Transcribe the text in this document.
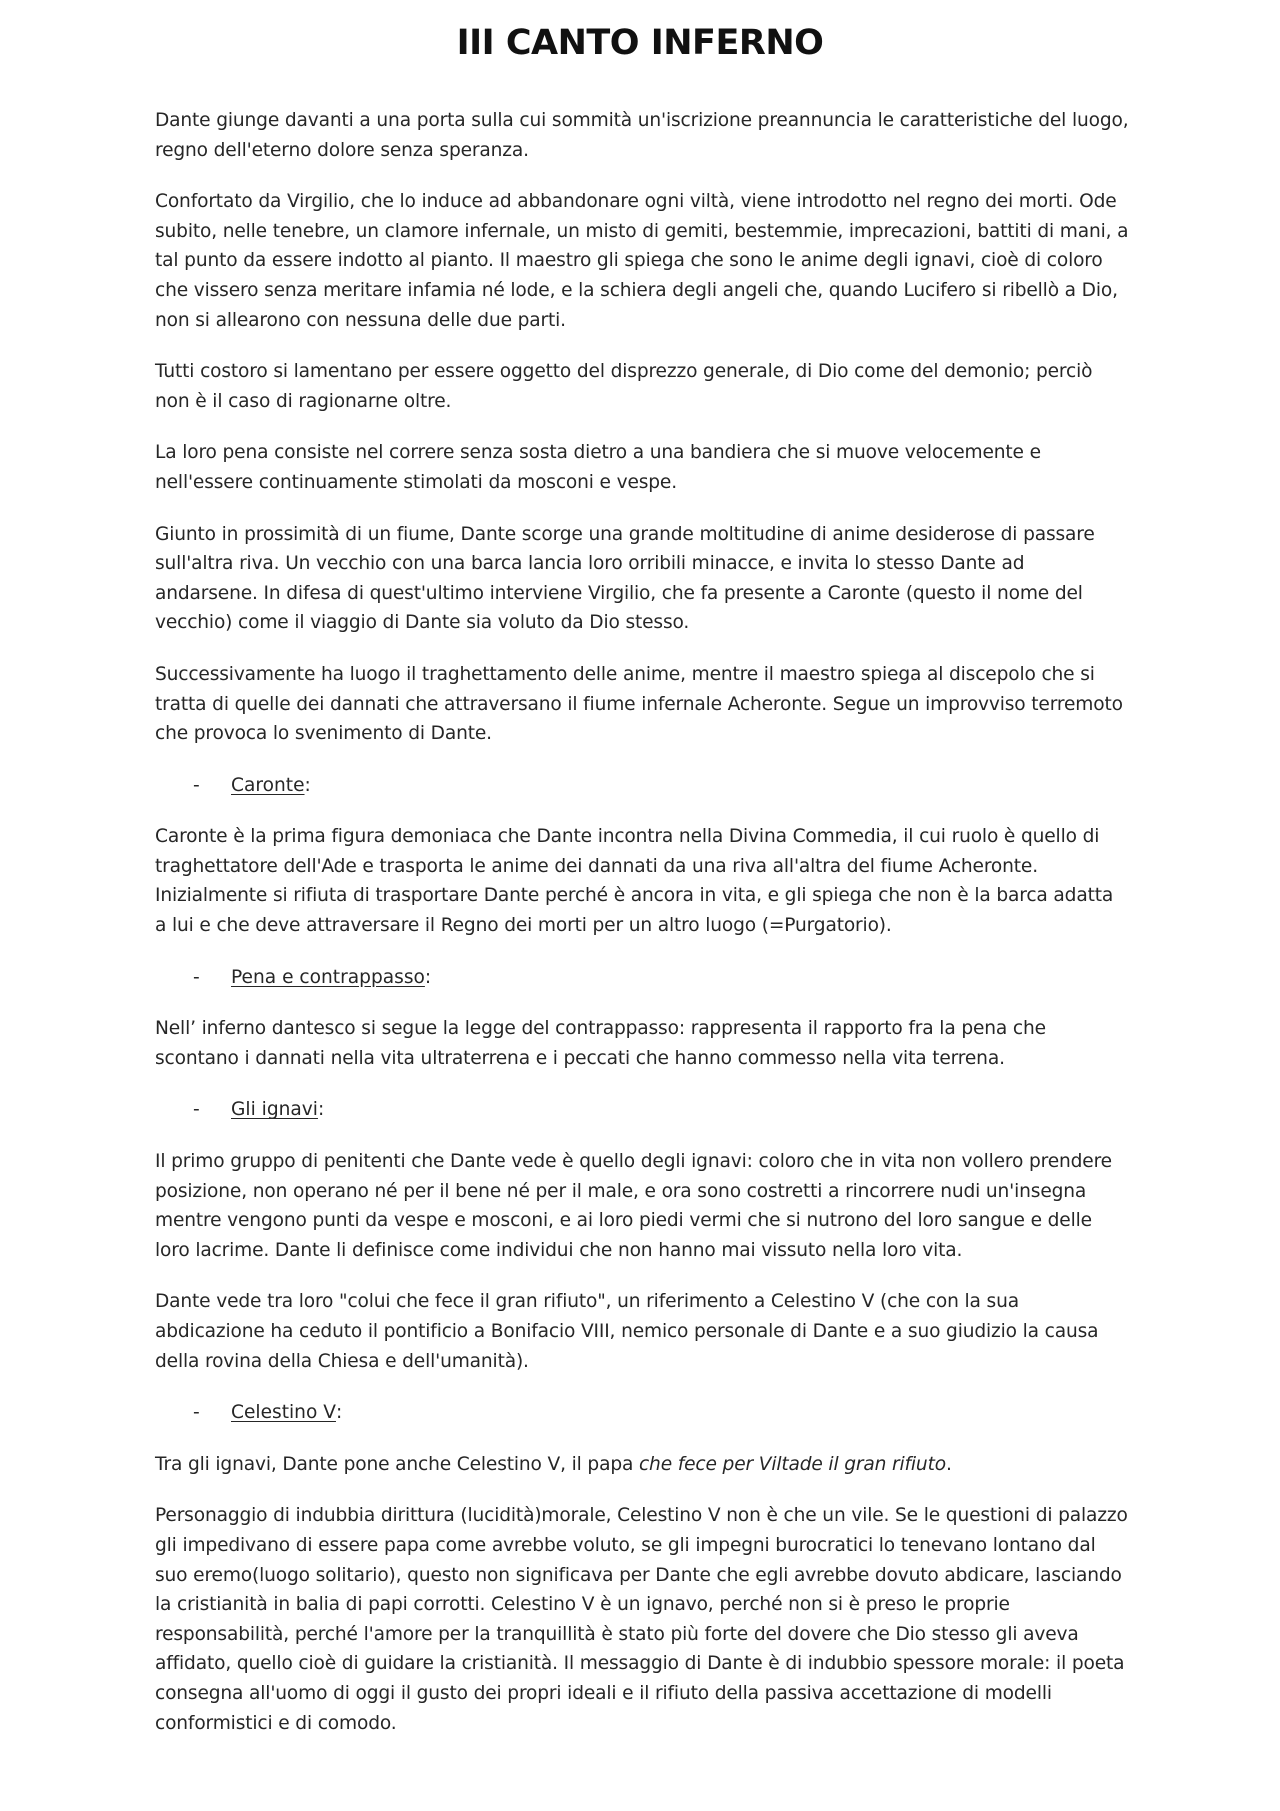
III CANTO INFERNO

Dante giunge davanti a una porta sulla cui sommità un'iscrizione preannuncia le caratteristiche del luogo, regno dell'eterno dolore senza speranza.

Confortato da Virgilio, che lo induce ad abbandonare ogni viltà, viene introdotto nel regno dei morti. Ode subito, nelle tenebre, un clamore infernale, un misto di gemiti, bestemmie, imprecazioni, battiti di mani, a tal punto da essere indotto al pianto. Il maestro gli spiega che sono le anime degli ignavi, cioè di coloro che vissero senza meritare infamia né lode, e la schiera degli angeli che, quando Lucifero si ribellò a Dio, non si allearono con nessuna delle due parti.

Tutti costoro si lamentano per essere oggetto del disprezzo generale, di Dio come del demonio; perciò non è il caso di ragionarne oltre.

La loro pena consiste nel correre senza sosta dietro a una bandiera che si muove velocemente e nell'essere continuamente stimolati da mosconi e vespe.

Giunto in prossimità di un fiume, Dante scorge una grande moltitudine di anime desiderose di passare sull'altra riva. Un vecchio con una barca lancia loro orribili minacce, e invita lo stesso Dante ad andarsene. In difesa di quest'ultimo interviene Virgilio, che fa presente a Caronte (questo il nome del vecchio) come il viaggio di Dante sia voluto da Dio stesso.

Successivamente ha luogo il traghettamento delle anime, mentre il maestro spiega al discepolo che si tratta di quelle dei dannati che attraversano il fiume infernale Acheronte. Segue un improvviso terremoto che provoca lo svenimento di Dante.

-	Caronte :

Caronte è la prima figura demoniaca che Dante incontra nella Divina Commedia, il cui ruolo è quello di traghettatore dell'Ade e trasporta le anime dei dannati da una riva all'altra del fiume Acheronte. Inizialmente si rifiuta di trasportare Dante perché è ancora in vita, e gli spiega che non è la barca adatta a lui e che deve attraversare il Regno dei morti per un altro luogo (=Purgatorio).

-	Pena e contrappasso :

Nell’ inferno dantesco si segue la legge del contrappasso: rappresenta il rapporto fra la pena che scontano i dannati nella vita ultraterrena e i peccati che hanno commesso nella vita terrena.

-	Gli ignavi :

Il primo gruppo di penitenti che Dante vede è quello degli ignavi: coloro che in vita non vollero prendere posizione, non operano né per il bene né per il male, e ora sono costretti a rincorrere nudi un'insegna mentre vengono punti da vespe e mosconi, e ai loro piedi vermi che si nutrono del loro sangue e delle loro lacrime. Dante li definisce come individui che non hanno mai vissuto nella loro vita.

Dante vede tra loro "colui che fece il gran rifiuto", un riferimento a Celestino V (che con la sua abdicazione ha ceduto il pontificio a Bonifacio VIII, nemico personale di Dante e a suo giudizio la causa della rovina della Chiesa e dell'umanità).

-	Celestino V :

Tra gli ignavi, Dante pone anche Celestino V, il papa che fece per Viltade il gran rifiuto.

Personaggio di indubbia dirittura (lucidità)morale, Celestino V non è che un vile. Se le questioni di palazzo gli impedivano di essere papa come avrebbe voluto, se gli impegni burocratici lo tenevano lontano dal suo eremo(luogo solitario), questo non significava per Dante che egli avrebbe dovuto abdicare, lasciando la cristianità in balia di papi corrotti. Celestino V è un ignavo, perché non si è preso le proprie responsabilità, perché l'amore per la tranquillità è stato più forte del dovere che Dio stesso gli aveva affidato, quello cioè di guidare la cristianità. Il messaggio di Dante è di indubbio spessore morale: il poeta consegna all'uomo di oggi il gusto dei propri ideali e il rifiuto della passiva accettazione di modelli conformistici e di comodo.
